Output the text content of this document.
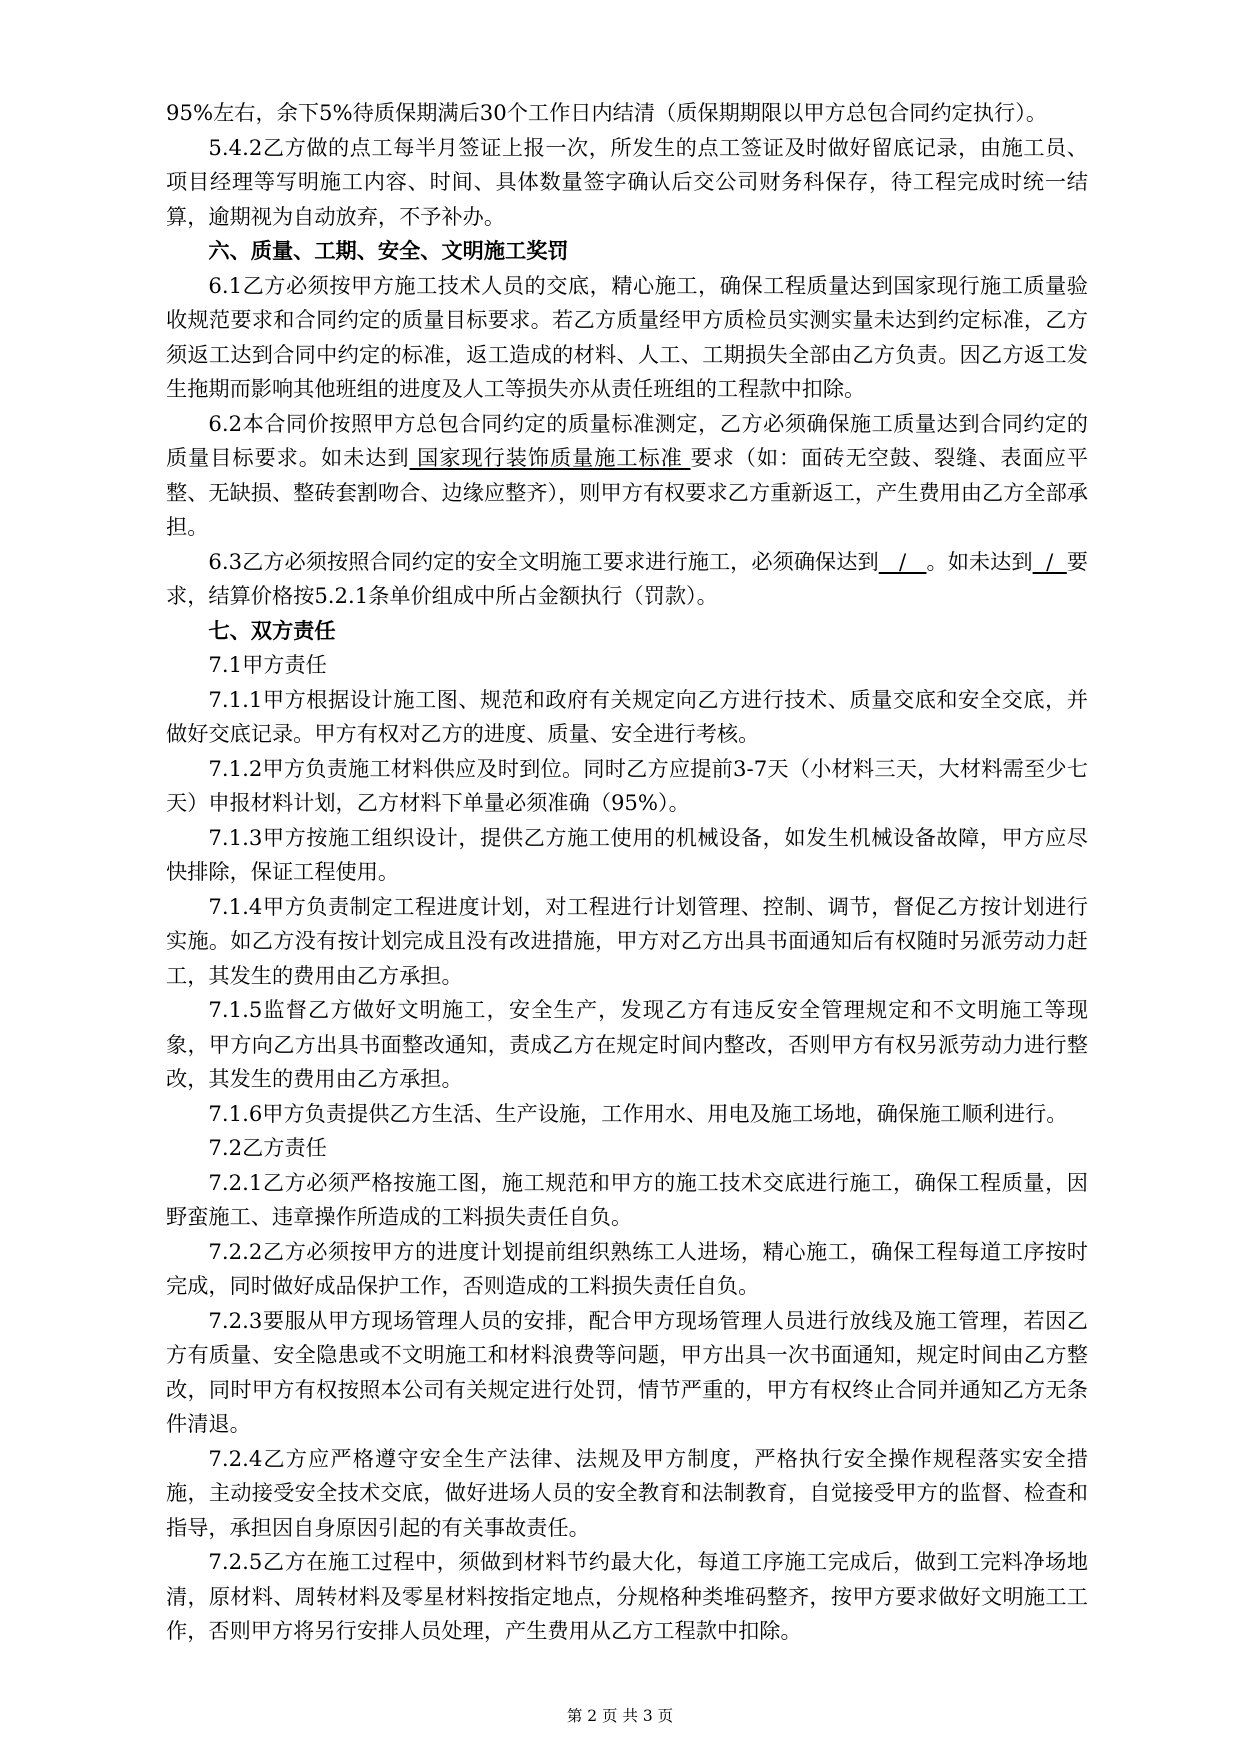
95%左右，余下5%待质保期满后30个工作日内结清（质保期期限以甲方总包合同约定执行）。

5.4.2乙方做的点工每半月签证上报一次，所发生的点工签证及时做好留底记录，由施工员、项目经理等写明施工内容、时间、具体数量签字确认后交公司财务科保存，待工程完成时统一结算，逾期视为自动放弃，不予补办。

六、质量、工期、安全、文明施工奖罚

6.1乙方必须按甲方施工技术人员的交底，精心施工，确保工程质量达到国家现行施工质量验收规范要求和合同约定的质量目标要求。若乙方质量经甲方质检员实测实量未达到约定标准，乙方须返工达到合同中约定的标准，返工造成的材料、人工、工期损失全部由乙方负责。因乙方返工发生拖期而影响其他班组的进度及人工等损失亦从责任班组的工程款中扣除。

6.2本合同价按照甲方总包合同约定的质量标准测定，乙方必须确保施工质量达到合同约定的质量目标要求。如未达到 国家现行装饰质量施工标准 要求（如：面砖无空鼓、裂缝、表面应平整、无缺损、整砖套割吻合、边缘应整齐），则甲方有权要求乙方重新返工，产生费用由乙方全部承担。

6.3乙方必须按照合同约定的安全文明施工要求进行施工，必须确保达到   /   。如未达到  /  要求，结算价格按5.2.1条单价组成中所占金额执行（罚款）。

七、双方责任

7.1甲方责任

7.1.1甲方根据设计施工图、规范和政府有关规定向乙方进行技术、质量交底和安全交底，并做好交底记录。甲方有权对乙方的进度、质量、安全进行考核。

7.1.2甲方负责施工材料供应及时到位。同时乙方应提前3-7天（小材料三天，大材料需至少七天）申报材料计划，乙方材料下单量必须准确（95%）。

7.1.3甲方按施工组织设计，提供乙方施工使用的机械设备，如发生机械设备故障，甲方应尽快排除，保证工程使用。

7.1.4甲方负责制定工程进度计划，对工程进行计划管理、控制、调节，督促乙方按计划进行实施。如乙方没有按计划完成且没有改进措施，甲方对乙方出具书面通知后有权随时另派劳动力赶工，其发生的费用由乙方承担。

7.1.5监督乙方做好文明施工，安全生产，发现乙方有违反安全管理规定和不文明施工等现象，甲方向乙方出具书面整改通知，责成乙方在规定时间内整改，否则甲方有权另派劳动力进行整改，其发生的费用由乙方承担。

7.1.6甲方负责提供乙方生活、生产设施，工作用水、用电及施工场地，确保施工顺利进行。

7.2乙方责任

7.2.1乙方必须严格按施工图，施工规范和甲方的施工技术交底进行施工，确保工程质量，因野蛮施工、违章操作所造成的工料损失责任自负。

7.2.2乙方必须按甲方的进度计划提前组织熟练工人进场，精心施工，确保工程每道工序按时完成，同时做好成品保护工作，否则造成的工料损失责任自负。

7.2.3要服从甲方现场管理人员的安排，配合甲方现场管理人员进行放线及施工管理，若因乙方有质量、安全隐患或不文明施工和材料浪费等问题，甲方出具一次书面通知，规定时间由乙方整改，同时甲方有权按照本公司有关规定进行处罚，情节严重的，甲方有权终止合同并通知乙方无条件清退。

7.2.4乙方应严格遵守安全生产法律、法规及甲方制度，严格执行安全操作规程落实安全措施，主动接受安全技术交底，做好进场人员的安全教育和法制教育，自觉接受甲方的监督、检查和指导，承担因自身原因引起的有关事故责任。

7.2.5乙方在施工过程中，须做到材料节约最大化，每道工序施工完成后，做到工完料净场地清，原材料、周转材料及零星材料按指定地点，分规格种类堆码整齐，按甲方要求做好文明施工工作，否则甲方将另行安排人员处理，产生费用从乙方工程款中扣除。

第 2 页 共 3 页
